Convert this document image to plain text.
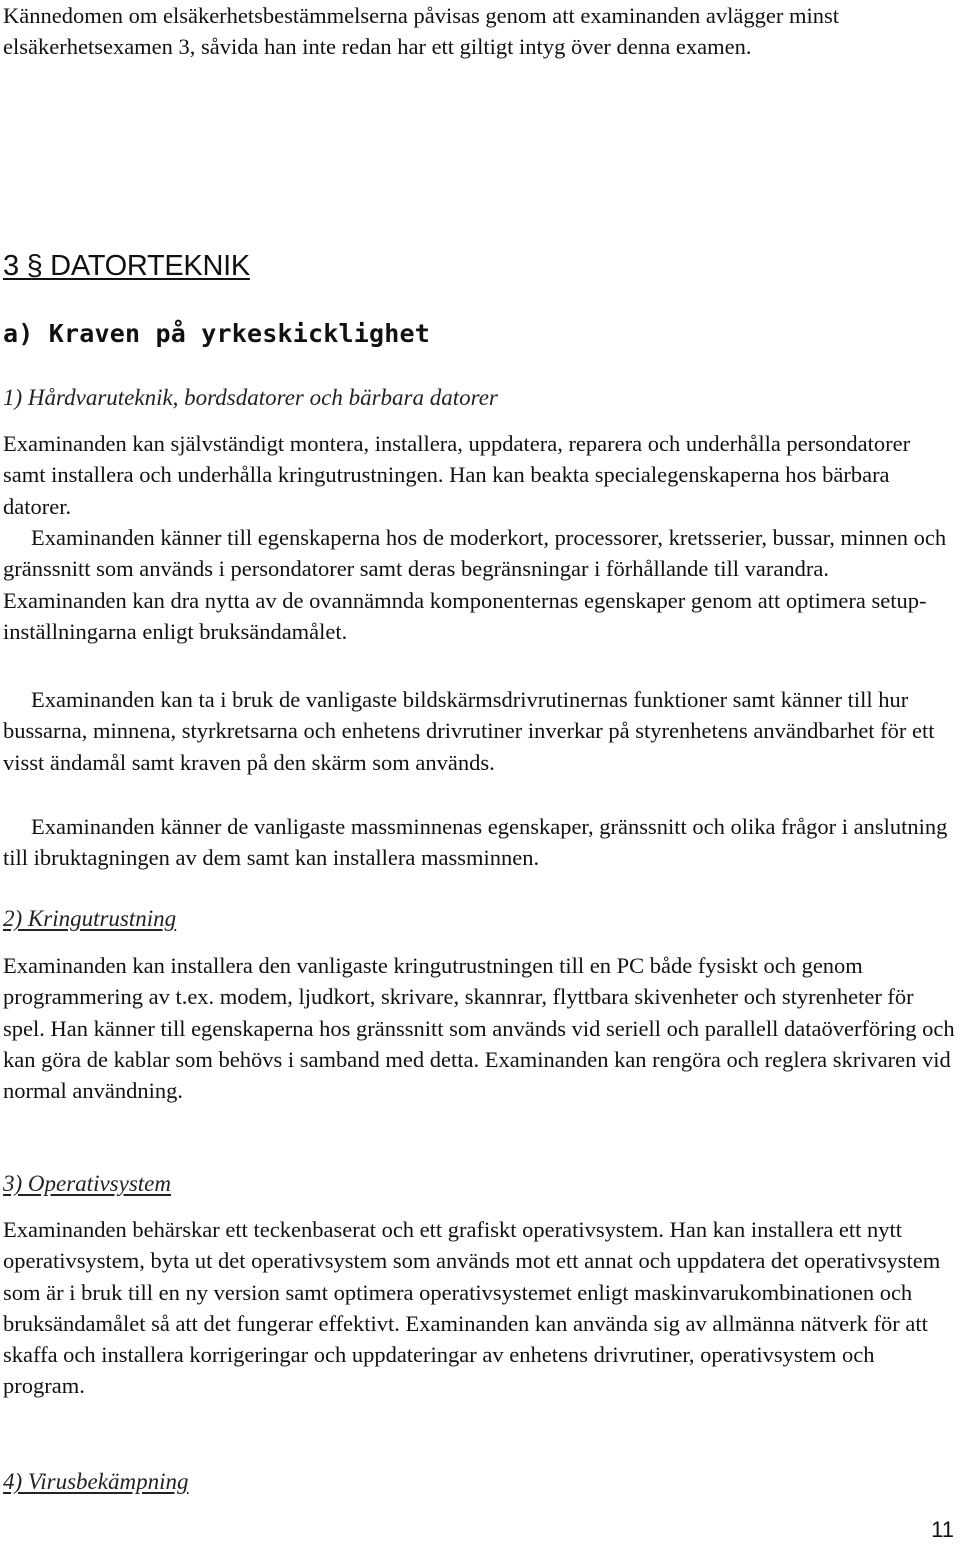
Kännedomen om elsäkerhetsbestämmelserna påvisas genom att examinanden avlägger minst elsäkerhetsexamen 3, såvida han inte redan har ett giltigt intyg över denna examen.

3 § DATORTEKNIK
a) Kraven på yrkeskicklighet
1) Hårdvaruteknik, bordsdatorer och bärbara datorer

Examinanden kan självständigt montera, installera, uppdatera, reparera och underhålla persondatorer samt installera och underhålla kringutrustningen. Han kan beakta specialegenskaperna hos bärbara datorer.

Examinanden känner till egenskaperna hos de moderkort, processorer, kretsserier, bussar, minnen och gränssnitt som används i persondatorer samt deras begränsningar i förhållande till varandra. Examinanden kan dra nytta av de ovannämnda komponenternas egenskaper genom att optimera setup-inställningarna enligt bruksändamålet.

Examinanden kan ta i bruk de vanligaste bildskärmsdrivrutinernas funktioner samt känner till hur bussarna, minnena, styrkretsarna och enhetens drivrutiner inverkar på styrenhetens användbarhet för ett visst ändamål samt kraven på den skärm som används.

Examinanden känner de vanligaste massminnenas egenskaper, gränssnitt och olika frågor i anslutning till ibruktagningen av dem samt kan installera massminnen.

2) Kringutrustning

Examinanden kan installera den vanligaste kringutrustningen till en PC både fysiskt och genom programmering av t.ex. modem, ljudkort, skrivare, skannrar, flyttbara skivenheter och styrenheter för spel. Han känner till egenskaperna hos gränssnitt som används vid seriell och parallell dataöverföring och kan göra de kablar som behövs i samband med detta. Examinanden kan rengöra och reglera skrivaren vid normal användning.

3) Operativsystem

Examinanden behärskar ett teckenbaserat och ett grafiskt operativsystem. Han kan installera ett nytt operativsystem, byta ut det operativsystem som används mot ett annat och uppdatera det operativsystem som är i bruk till en ny version samt optimera operativsystemet enligt maskinvarukombinationen och bruksändamålet så att det fungerar effektivt. Examinanden kan använda sig av allmänna nätverk för att skaffa och installera korrigeringar och uppdateringar av enhetens drivrutiner, operativsystem och program.

4) Virusbekämpning
11
